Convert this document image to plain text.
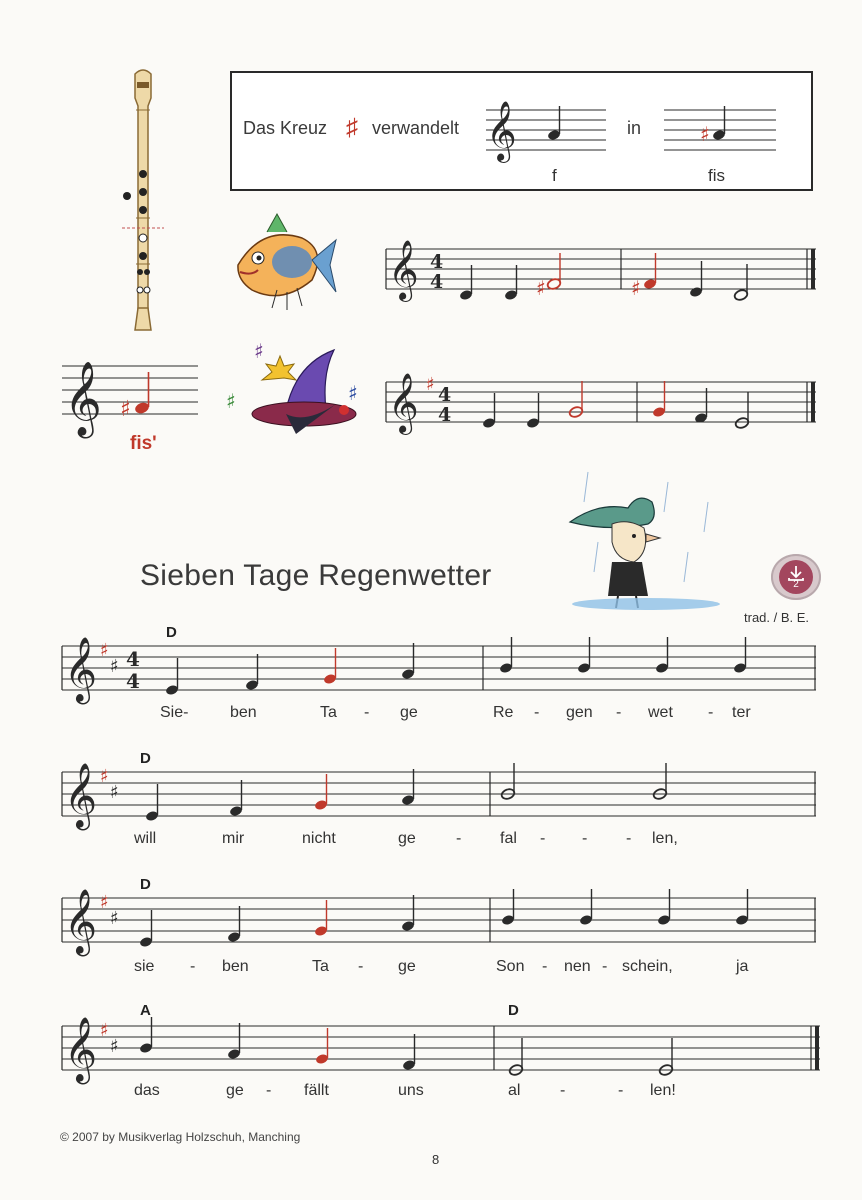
Das Kreuz ♯ verwandelt	in
f	fis
𝄞	♯
𝄞 4
4	♯	♯
𝄞 ♯
fis'
♯
♯	♯ 𝄞 ♯ 4
4
Sieben Tage Regenwetter	2
trad. / B. E.
𝄞 ♯
♯ 4
4
D
Sie-	ben	Ta - ge	Re - gen - wet - ter
𝄞 ♯
♯
D
will	mir	nicht	ge	- fal - - - len,
𝄞 ♯
♯
D
sie - ben	Ta - ge	Son - nen - schein,	ja
𝄞 ♯
♯
A	D
das	ge - fällt	uns	al -	- len!
© 2007 by Musikverlag Holzschuh, Manching
8
